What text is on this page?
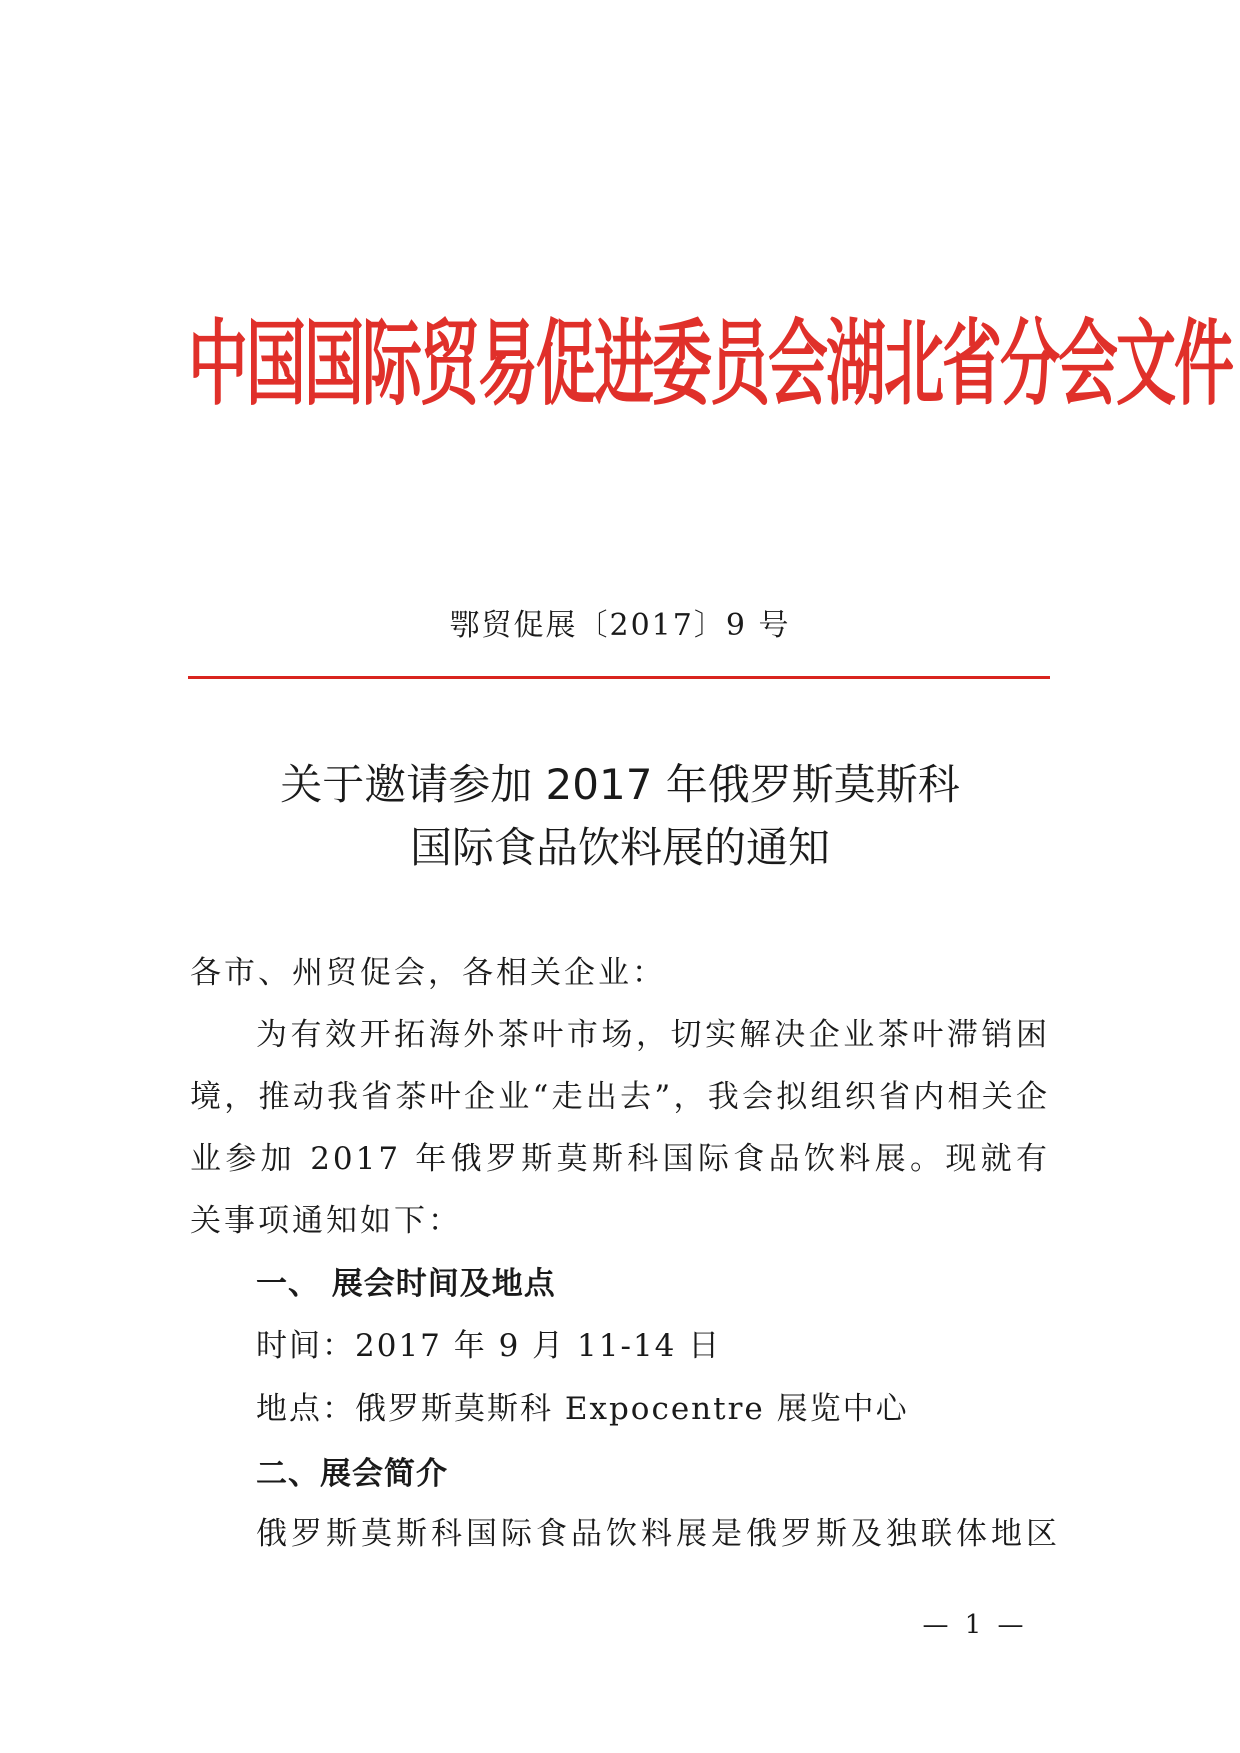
中国国际贸易促进委员会湖北省分会文件
鄂贸促展〔2017〕9 号
关于邀请参加 2017 年俄罗斯莫斯科
国际食品饮料展的通知

各市、州贸促会，各相关企业：

为有效开拓海外茶叶市场，切实解决企业茶叶滞销困境，推动我省茶叶企业“走出去”，我会拟组织省内相关企业参加 2017 年俄罗斯莫斯科国际食品饮料展。现就有关事项通知如下：

一、 展会时间及地点
时间：2017 年 9 月 11-14 日
地点：俄罗斯莫斯科 Expocentre 展览中心
二、展会简介
俄罗斯莫斯科国际食品饮料展是俄罗斯及独联体地区
— 1 —
